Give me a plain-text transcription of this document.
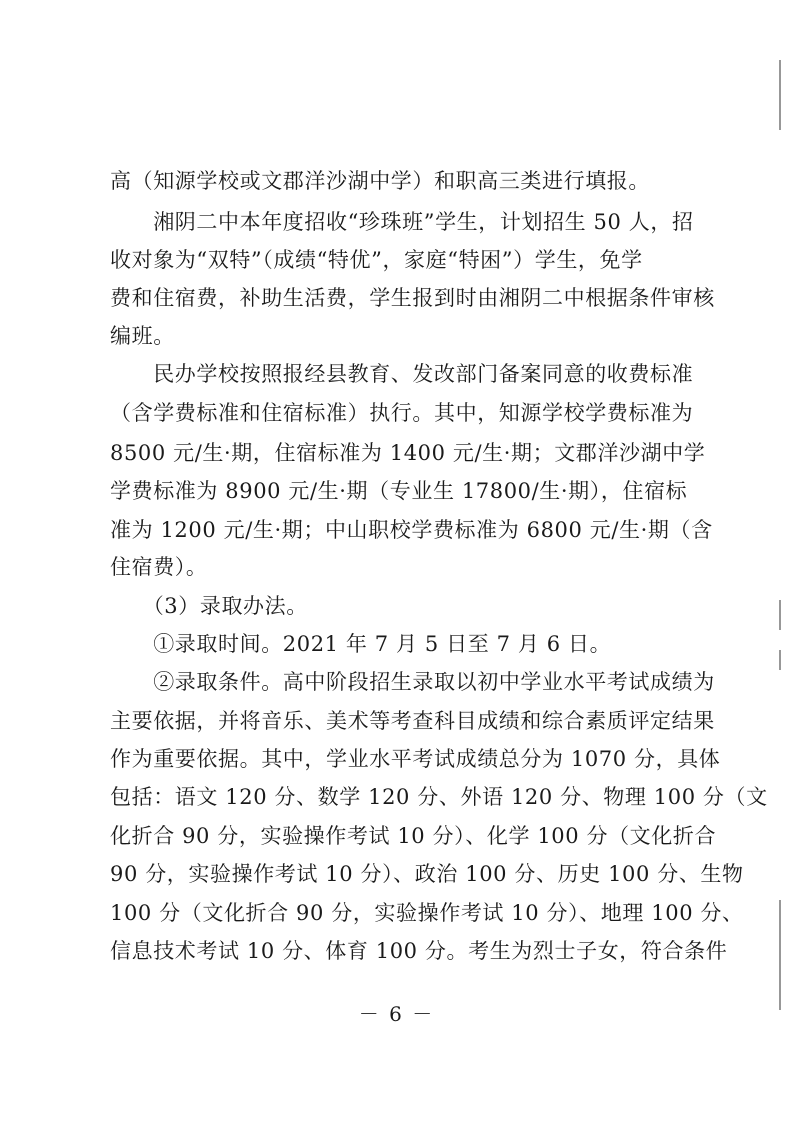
高（知源学校或文郡洋沙湖中学）和职高三类进行填报。
　　湘阴二中本年度招收“珍珠班”学生，计划招生 50 人，招
收对象为“双特”（成绩“特优”，家庭“特困”）学生，免学
费和住宿费，补助生活费，学生报到时由湘阴二中根据条件审核
编班。
　　民办学校按照报经县教育、发改部门备案同意的收费标准
（含学费标准和住宿标准）执行。其中，知源学校学费标准为
8500 元/生·期，住宿标准为 1400 元/生·期；文郡洋沙湖中学
学费标准为 8900 元/生·期（专业生 17800/生·期），住宿标
准为 1200 元/生·期；中山职校学费标准为 6800 元/生·期（含
住宿费）。
　　（3）录取办法。
　　①录取时间。2021 年 7 月 5 日至 7 月 6 日。
　　②录取条件。高中阶段招生录取以初中学业水平考试成绩为
主要依据，并将音乐、美术等考查科目成绩和综合素质评定结果
作为重要依据。其中，学业水平考试成绩总分为 1070 分，具体
包括：语文 120 分、数学 120 分、外语 120 分、物理 100 分（文
化折合 90 分，实验操作考试 10 分）、化学 100 分（文化折合
90 分，实验操作考试 10 分）、政治 100 分、历史 100 分、生物
100 分（文化折合 90 分，实验操作考试 10 分）、地理 100 分、
信息技术考试 10 分、体育 100 分。考生为烈士子女，符合条件
－ 6 －
